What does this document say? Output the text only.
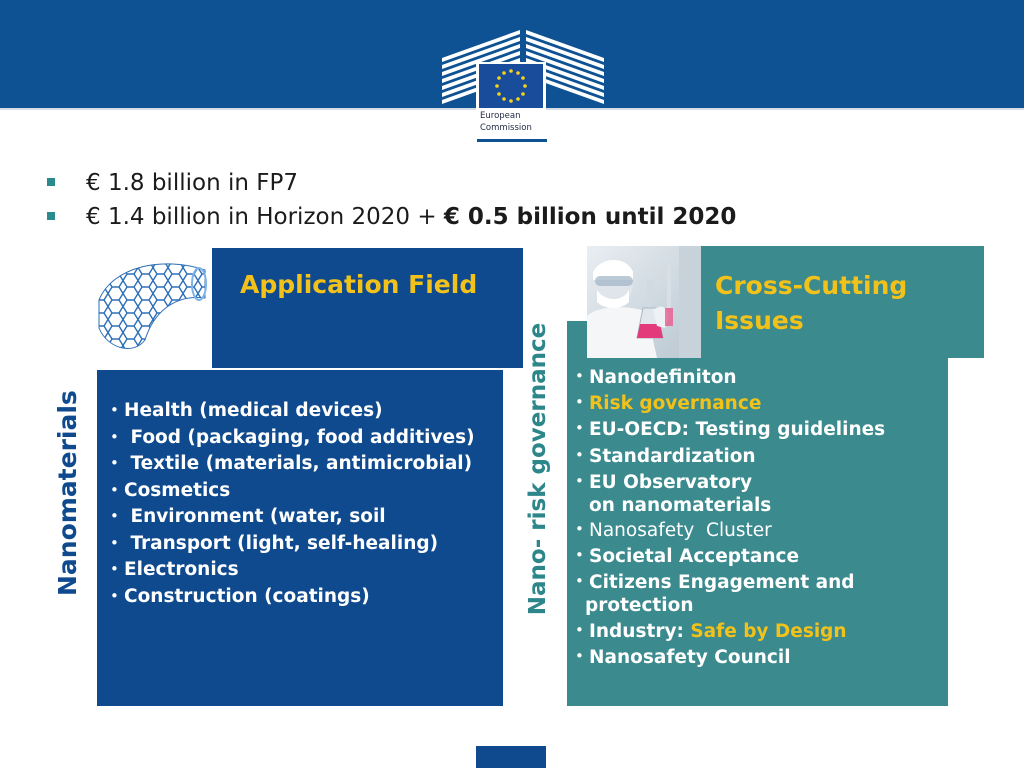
European
Commission
€ 1.8 billion in FP7
€ 1.4 billion in Horizon 2020 + € 0.5 billion until 2020
Application Field
• Health (medical devices)
•  Food (packaging, food additives)
•  Textile (materials, antimicrobial)
• Cosmetics
•  Environment (water, soil
•  Transport (light, self-healing)
• Electronics
• Construction (coatings)
Nanomaterials	Nano- risk governance
Cross-Cutting
Issues
• Nanodefiniton
• Risk governance
• EU-OECD: Testing guidelines
• Standardization
• EU Observatory
on nanomaterials
• Nanosafety  Cluster
• Societal Acceptance
• Citizens Engagement and
protection
• Industry: Safe by Design
• Nanosafety Council
